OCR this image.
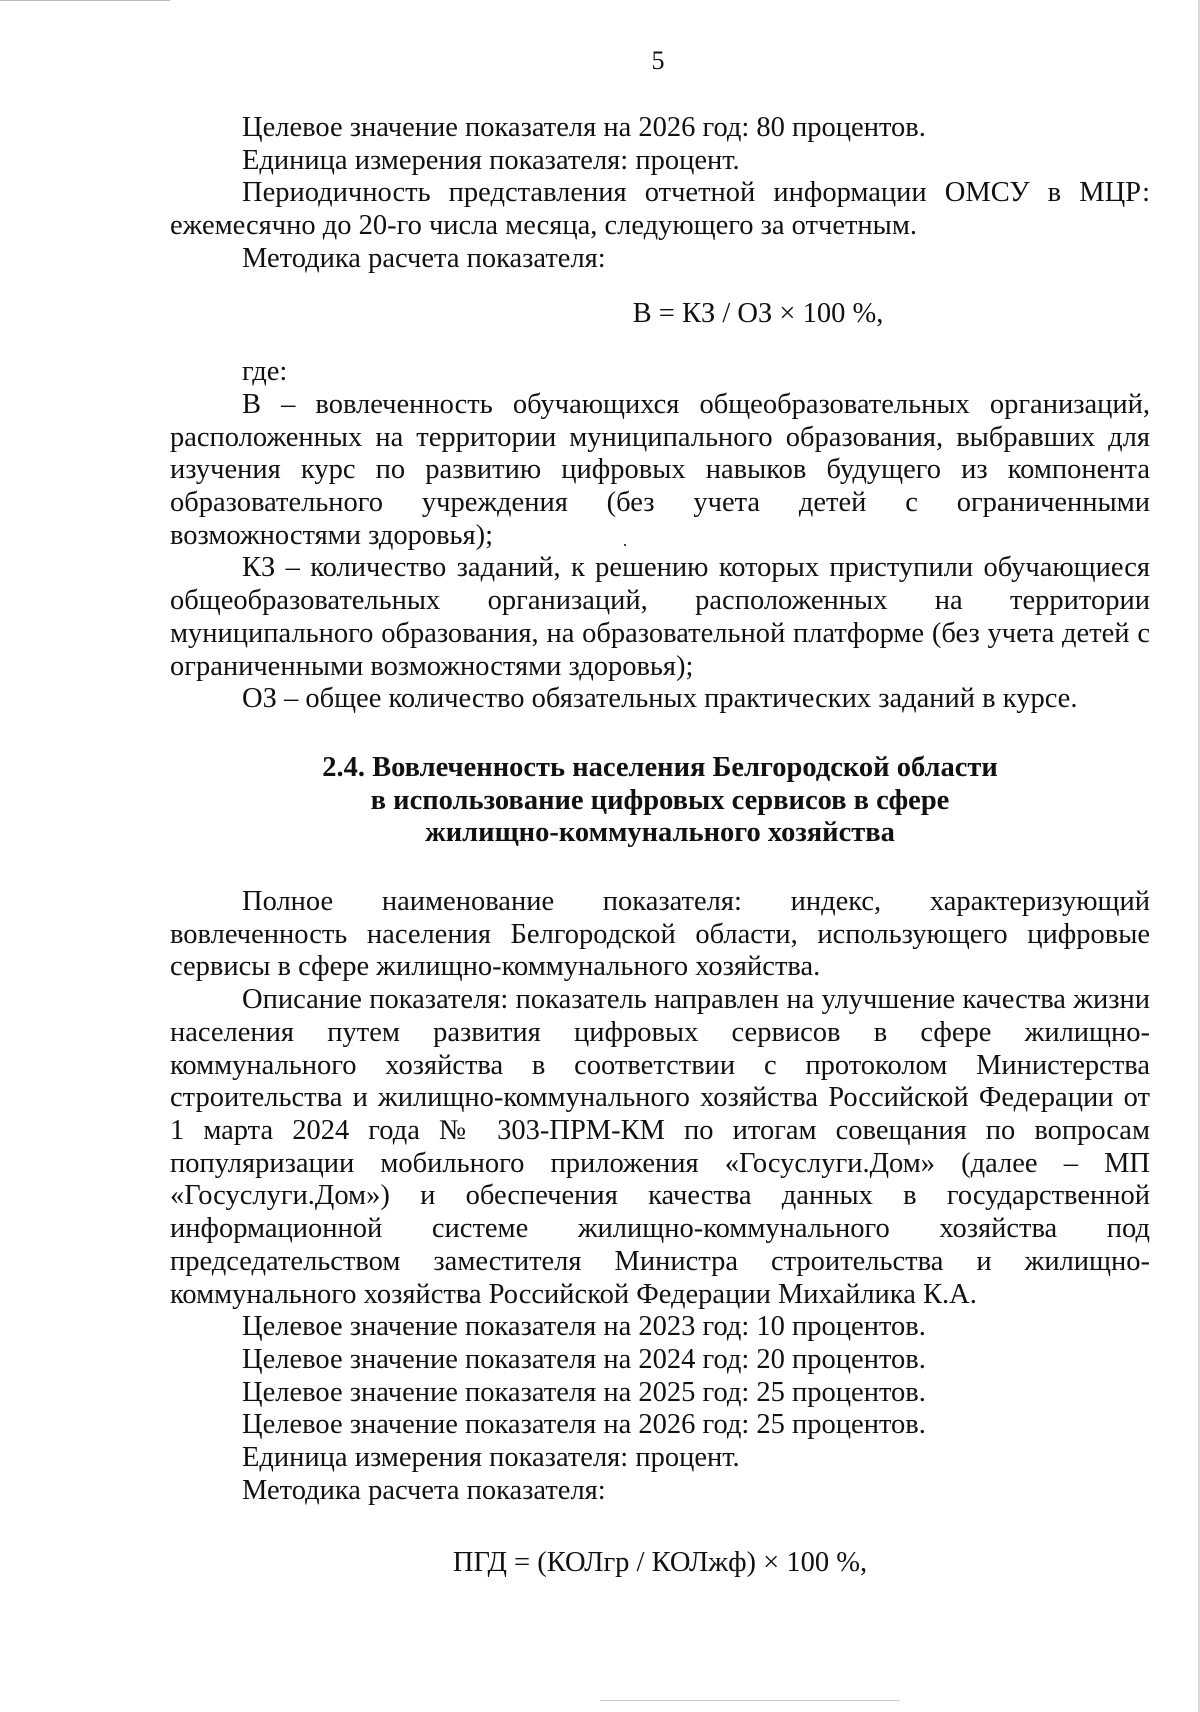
5

Целевое значение показателя на 2026 год: 80 процентов.

Единица измерения показателя: процент.

Периодичность представления отчетной информации ОМСУ в МЦР: ежемесячно до 20-го числа месяца, следующего за отчетным.

Методика расчета показателя:

В = КЗ / ОЗ × 100 %,

где:

В – вовлеченность обучающихся общеобразовательных организаций, расположенных на территории муниципального образования, выбравших для изучения курс по развитию цифровых навыков будущего из компонента образовательного учреждения (без учета детей с ограниченными возможностями здоровья);

КЗ – количество заданий, к решению которых приступили обучающиеся общеобразовательных организаций, расположенных на территории муниципального образования, на образовательной платформе (без учета детей с ограниченными возможностями здоровья);

ОЗ – общее количество обязательных практических заданий в курсе.

2.4. Вовлеченность населения Белгородской области
в использование цифровых сервисов в сфере
жилищно-коммунального хозяйства

Полное наименование показателя: индекс, характеризующий вовлеченность населения Белгородской области, использующего цифровые сервисы в сфере жилищно-коммунального хозяйства.

Описание показателя: показатель направлен на улучшение качества жизни населения путем развития цифровых сервисов в сфере жилищно-коммунального хозяйства в соответствии с протоколом Министерства строительства и жилищно-коммунального хозяйства Российской Федерации от 1 марта 2024 года № 303-ПРМ-КМ по итогам совещания по вопросам популяризации мобильного приложения «Госуслуги.Дом» (далее – МП «Госуслуги.Дом») и обеспечения качества данных в государственной информационной системе жилищно-коммунального хозяйства под председательством заместителя Министра строительства и жилищно-коммунального хозяйства Российской Федерации Михайлика К.А.

Целевое значение показателя на 2023 год: 10 процентов.

Целевое значение показателя на 2024 год: 20 процентов.

Целевое значение показателя на 2025 год: 25 процентов.

Целевое значение показателя на 2026 год: 25 процентов.

Единица измерения показателя: процент.

Методика расчета показателя:

ПГД = (КОЛгр / КОЛжф) × 100 %,
